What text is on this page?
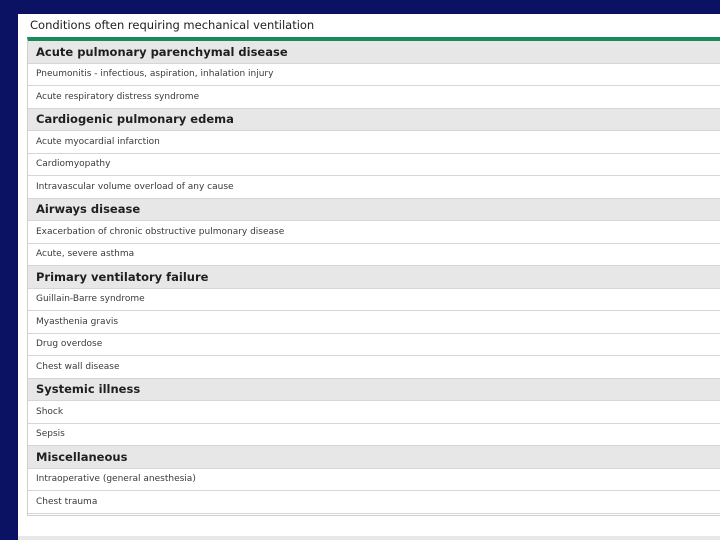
Conditions often requiring mechanical ventilation
Acute pulmonary parenchymal disease
Pneumonitis - infectious, aspiration, inhalation injury
Acute respiratory distress syndrome
Cardiogenic pulmonary edema
Acute myocardial infarction
Cardiomyopathy
Intravascular volume overload of any cause
Airways disease
Exacerbation of chronic obstructive pulmonary disease
Acute, severe asthma
Primary ventilatory failure
Guillain-Barre syndrome
Myasthenia gravis
Drug overdose
Chest wall disease
Systemic illness
Shock
Sepsis
Miscellaneous
Intraoperative (general anesthesia)
Chest trauma
